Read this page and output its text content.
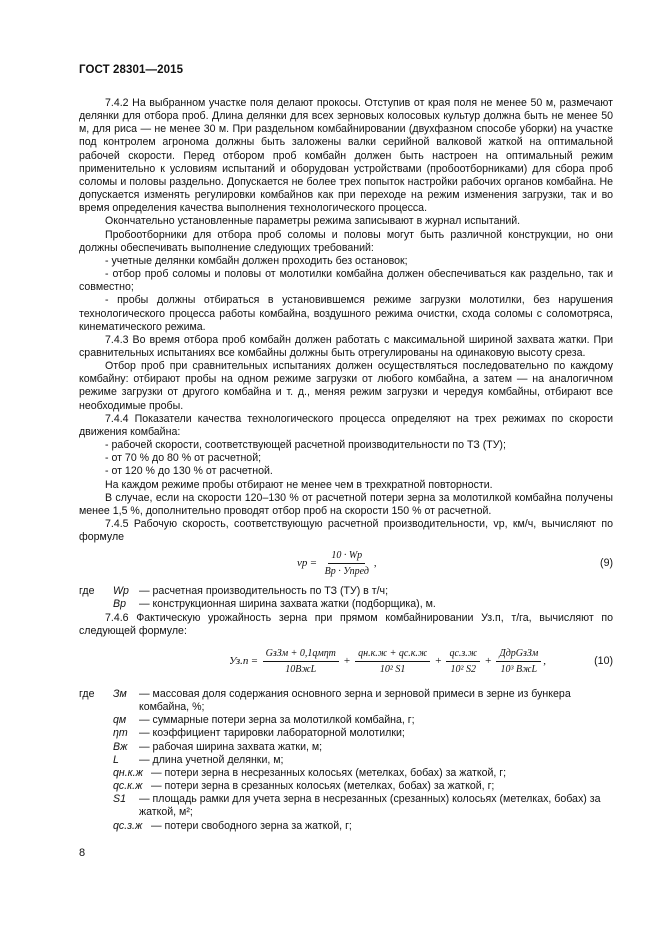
ГОСТ 28301—2015

7.4.2 На выбранном участке поля делают прокосы. Отступив от края поля не менее 50 м, размечают делянки для отбора проб. Длина делянки для всех зерновых колосовых культур должна быть не менее 50 м, для риса — не менее 30 м. При раздельном комбайнировании (двухфазном способе уборки) на участке под контролем агронома должны быть заложены валки серийной валковой жаткой на оптимальной рабочей скорости. Перед отбором проб комбайн должен быть настроен на оптимальный режим применительно к условиям испытаний и оборудован устройствами (пробоотборниками) для сбора проб соломы и половы раздельно. Допускается не более трех попыток настройки рабочих органов комбайна. Не допускается изменять регулировки комбайнов как при переходе на режим изменения загрузки, так и во время определения качества выполнения технологического процесса.

Окончательно установленные параметры режима записывают в журнал испытаний.

Пробоотборники для отбора проб соломы и половы могут быть различной конструкции, но они должны обеспечивать выполнение следующих требований:

- учетные делянки комбайн должен проходить без остановок;

- отбор проб соломы и половы от молотилки комбайна должен обеспечиваться как раздельно, так и совместно;

- пробы должны отбираться в установившемся режиме загрузки молотилки, без нарушения технологического процесса работы комбайна, воздушного режима очистки, схода соломы с соломотряса, кинематического режима.

7.4.3 Во время отбора проб комбайн должен работать с максимальной шириной захвата жатки. При сравнительных испытаниях все комбайны должны быть отрегулированы на одинаковую высоту среза.

Отбор проб при сравнительных испытаниях должен осуществляться последовательно по каждому комбайну: отбирают пробы на одном режиме загрузки от любого комбайна, а затем — на аналогичном режиме загрузки от другого комбайна и т. д., меняя режим загрузки и чередуя комбайны, отбирают все необходимые пробы.

7.4.4 Показатели качества технологического процесса определяют на трех режимах по скорости движения комбайна:

- рабочей скорости, соответствующей расчетной производительности по ТЗ (ТУ);

- от 70 % до 80 % от расчетной;

- от 120 % до 130 % от расчетной.

На каждом режиме пробы отбирают не менее чем в трехкратной повторности.

В случае, если на скорости 120–130 % от расчетной потери зерна за молотилкой комбайна получены менее 1,5 %, дополнительно проводят отбор проб на скорости 150 % от расчетной.

7.4.5 Рабочую скорость, соответствующую расчетной производительности, vр, км/ч, вычисляют по формуле

vр = $\frac{10 \cdot Wр}{\text{Bр · Упред}}$ ,	(9)
где	Wр — расчетная производительность по ТЗ (ТУ) в т/ч;
Bр	— конструкционная ширина захвата жатки (подборщика), м.

7.4.6 Фактическую урожайность зерна при прямом комбайнировании Уз.п, т/га, вычисляют по следующей формуле:

$Уз.п = \frac{\text{GзЗм + 0,1qмηт}}{\text{10BжL}} + \frac{qн.к.ж + qс.к.ж}{\text{10² S1}} + \frac{qс.з.ж}{\text{10² S2}} + \frac{\text{ДдрGзЗм}}{\text{10³ BжL}}$ ,	(10)
где	Зм	— массовая доля содержания основного зерна и зерновой примеси в зерне из бункера комбайна, %;
qм	— суммарные потери зерна за молотилкой комбайна, г;
ηт	— коэффициент тарировки лабораторной молотилки;
Bж	— рабочая ширина захвата жатки, м;
L	— длина учетной делянки, м;
qн.к.ж — потери зерна в несрезанных колосьях (метелках, бобах) за жаткой, г;
qс.к.ж — потери зерна в срезанных колосьях (метелках, бобах) за жаткой, г;
S1	— площадь рамки для учета зерна в несрезанных (срезанных) колосьях (метелках, бобах) за жаткой, м²;
qс.з.ж — потери свободного зерна за жаткой, г;
8
